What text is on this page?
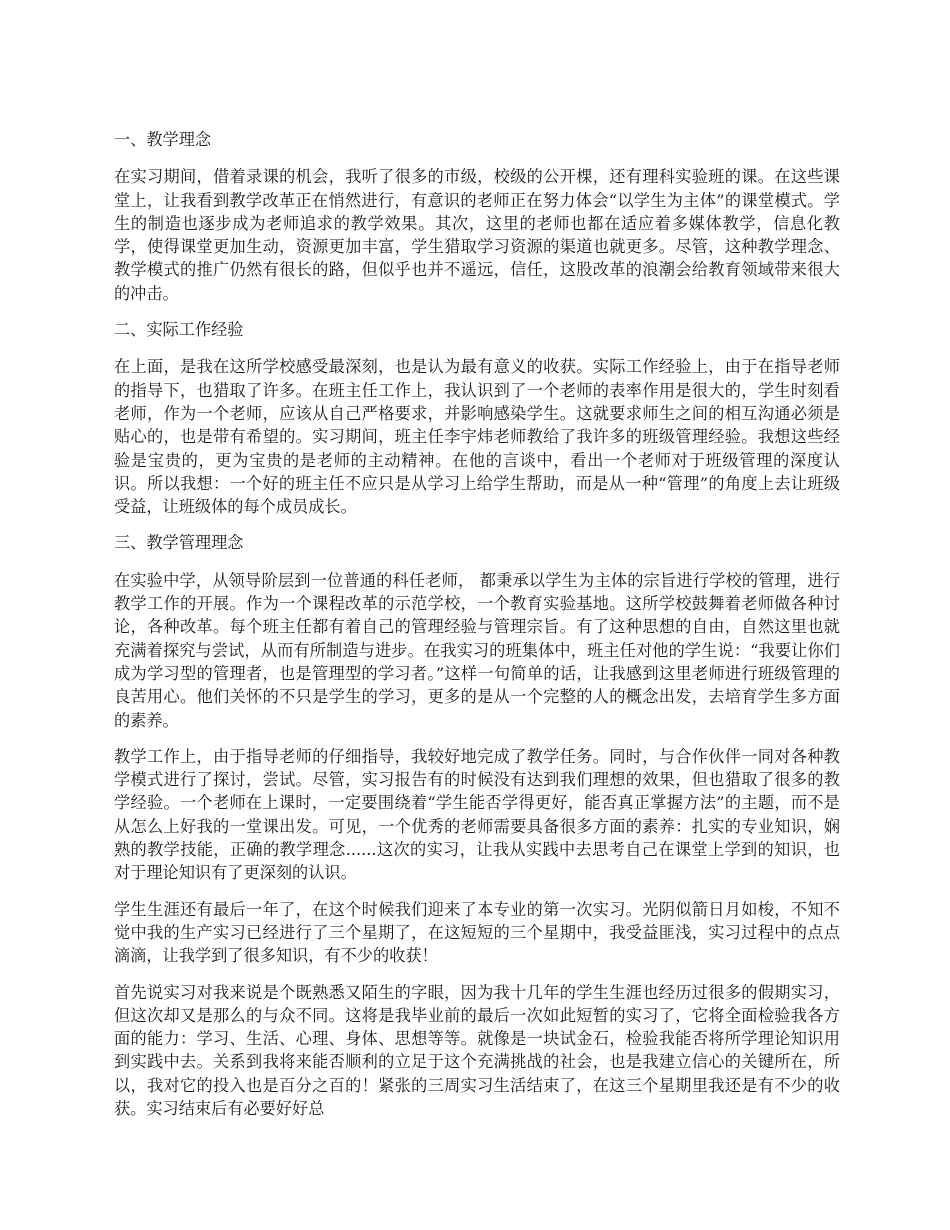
一、教学理念

在实习期间，借着录课的机会，我听了很多的市级，校级的公开棵，还有理科实验班的课。在这些课堂上，让我看到教学改革正在悄然进行，有意识的老师正在努力体会“以学生为主体”的课堂模式。学生的制造也逐步成为老师追求的教学效果。其次，这里的老师也都在适应着多媒体教学，信息化教学，使得课堂更加生动，资源更加丰富，学生猎取学习资源的渠道也就更多。尽管，这种教学理念、教学模式的推广仍然有很长的路，但似乎也并不遥远，信任，这股改革的浪潮会给教育领域带来很大的冲击。

二、实际工作经验

在上面，是我在这所学校感受最深刻，也是认为最有意义的收获。实际工作经验上，由于在指导老师的指导下，也猎取了许多。在班主任工作上，我认识到了一个老师的表率作用是很大的，学生时刻看老师，作为一个老师，应该从自己严格要求，并影响感染学生。这就要求师生之间的相互沟通必须是贴心的，也是带有希望的。实习期间，班主任李宇炜老师教给了我许多的班级管理经验。我想这些经验是宝贵的，更为宝贵的是老师的主动精神。在他的言谈中，看出一个老师对于班级管理的深度认识。所以我想：一个好的班主任不应只是从学习上给学生帮助，而是从一种“管理”的角度上去让班级受益，让班级体的每个成员成长。

三、教学管理理念

在实验中学，从领导阶层到一位普通的科任老师， 都秉承以学生为主体的宗旨进行学校的管理，进行教学工作的开展。作为一个课程改革的示范学校，一个教育实验基地。这所学校鼓舞着老师做各种讨论，各种改革。每个班主任都有着自己的管理经验与管理宗旨。有了这种思想的自由，自然这里也就充满着探究与尝试，从而有所制造与进步。在我实习的班集体中，班主任对他的学生说：“我要让你们成为学习型的管理者，也是管理型的学习者。”这样一句简单的话，让我感到这里老师进行班级管理的良苦用心。他们关怀的不只是学生的学习，更多的是从一个完整的人的概念出发，去培育学生多方面的素养。

教学工作上，由于指导老师的仔细指导，我较好地完成了教学任务。同时，与合作伙伴一同对各种教学模式进行了探讨，尝试。尽管，实习报告有的时候没有达到我们理想的效果，但也猎取了很多的教学经验。一个老师在上课时，一定要围绕着“学生能否学得更好，能否真正掌握方法”的主题，而不是从怎么上好我的一堂课出发。可见，一个优秀的老师需要具备很多方面的素养：扎实的专业知识，娴熟的教学技能，正确的教学理念......这次的实习，让我从实践中去思考自己在课堂上学到的知识，也对于理论知识有了更深刻的认识。

学生生涯还有最后一年了，在这个时候我们迎来了本专业的第一次实习。光阴似箭日月如梭，不知不觉中我的生产实习已经进行了三个星期了，在这短短的三个星期中，我受益匪浅，实习过程中的点点滴滴，让我学到了很多知识，有不少的收获！

首先说实习对我来说是个既熟悉又陌生的字眼，因为我十几年的学生生涯也经历过很多的假期实习，但这次却又是那么的与众不同。这将是我毕业前的最后一次如此短暂的实习了，它将全面检验我各方面的能力：学习、生活、心理、身体、思想等等。就像是一块试金石，检验我能否将所学理论知识用到实践中去。关系到我将来能否顺利的立足于这个充满挑战的社会，也是我建立信心的关键所在，所以，我对它的投入也是百分之百的！紧张的三周实习生活结束了，在这三个星期里我还是有不少的收获。实习结束后有必要好好总
